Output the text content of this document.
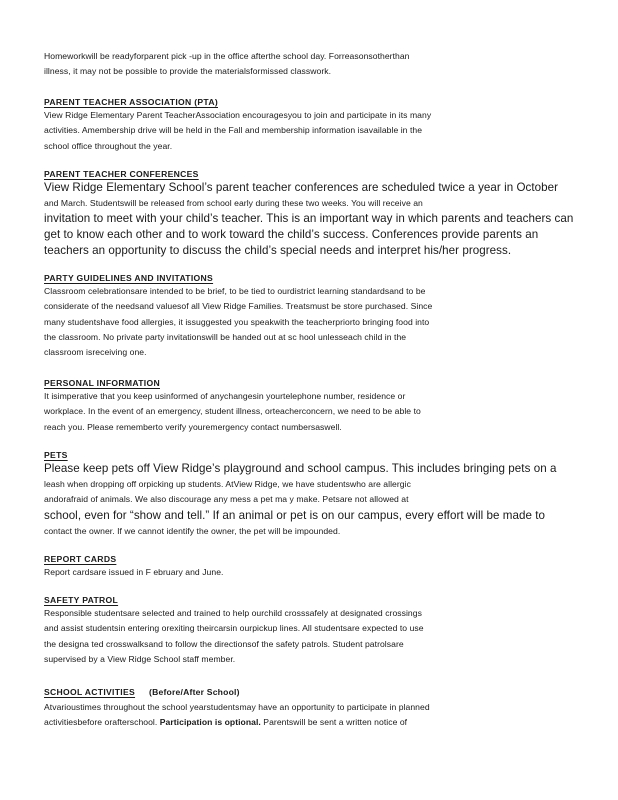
Homeworkwill be readyforparent pick -up in the office afterthe school day. Forreasonsotherthan
illness, it may not be possible to provide the materialsformissed classwork.
PARENT TEACHER ASSOCIATION (PTA)
View Ridge Elementary Parent TeacherAssociation encouragesyou to join and participate in its many
activities. Amembership drive will be held in the Fall and membership information isavailable in the
school office throughout the year.
PARENT TEACHER CONFERENCES
View Ridge Elementary School’s parent teacher conferences are scheduled twice a year in October
and March. Studentswill be released from school early during these two weeks. You will receive an
invitation to meet with your child’s teacher. This is an important way in which parents and teachers can
get to know each other and to work toward the child’s success. Conferences provide parents an
teachers an opportunity to discuss the child’s special needs and interpret his/her progress.
PARTY GUIDELINES AND INVITATIONS
Classroom celebrationsare intended to be brief, to be tied to ourdistrict learning standardsand to be
considerate of the needsand valuesof all View Ridge Families. Treatsmust be store purchased. Since
many studentshave food allergies, it issuggested you speakwith the teacherpriorto bringing food into
the classroom. No private party invitationswill be handed out at sc hool unlesseach child in the
classroom isreceiving one.
PERSONAL INFORMATION
It isimperative that you keep usinformed of anychangesin yourtelephone number, residence or
workplace. In the event of an emergency, student illness, orteacherconcern, we need to be able to
reach you. Please rememberto verify youremergency contact numbersaswell.
PETS
Please keep pets off View Ridge’s playground and school campus. This includes bringing pets on a
leash when dropping off orpicking up students. AtView Ridge, we have studentswho are allergic
andorafraid of animals. We also discourage any mess a pet ma y make. Petsare not allowed at
school, even for “show and tell.” If an animal or pet is on our campus, every effort will be made to
contact the owner. If we cannot identify the owner, the pet will be impounded.
REPORT CARDS
Report cardsare issued in F ebruary and June.
SAFETY PATROL
Responsible studentsare selected and trained to help ourchild crosssafely at designated crossings
and assist studentsin entering orexiting theircarsin ourpickup lines. All studentsare expected to use
the designa ted crosswalksand to follow the directionsof the safety patrols. Student patrolsare
supervised by a View Ridge School staff member.
SCHOOL ACTIVITIES (Before/After School)
Atvarioustimes throughout the school yearstudentsmay have an opportunity to participate in planned
activitiesbefore orafterschool. Participation is optional. Parentswill be sent a written notice of
